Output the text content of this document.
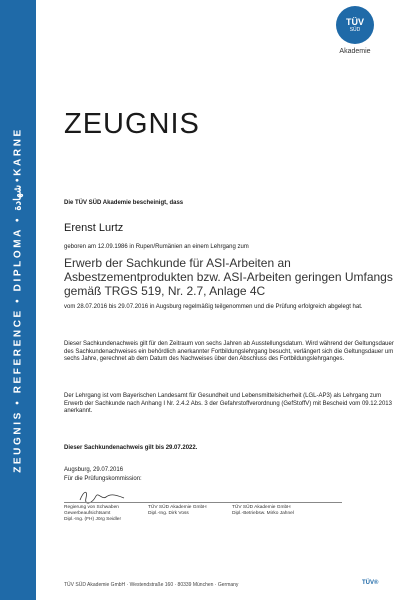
ZEUGNIS • REFERENCE • DIPLOMA • شهادة • KARNE
TÜV
SÜD
Akademie
ZEUGNIS
Die TÜV SÜD Akademie bescheinigt, dass
Erenst Lurtz
geboren am 12.09.1986 in Rupen/Rumänien an einem Lehrgang zum
Erwerb der Sachkunde für ASI-Arbeiten an Asbestzementprodukten bzw. ASI-Arbeiten geringen Umfangs gemäß TRGS 519, Nr. 2.7, Anlage 4C
vom 28.07.2016 bis 29.07.2016 in Augsburg regelmäßig teilgenommen und die Prüfung erfolgreich abgelegt hat.
Dieser Sachkundenachweis gilt für den Zeitraum von sechs Jahren ab Ausstellungsdatum. Wird während der Geltungsdauer des Sachkundenachweises ein behördlich anerkannter Fortbildungslehrgang besucht, verlängert sich die Geltungsdauer um sechs Jahre, gerechnet ab dem Datum des Nachweises über den Abschluss des Fortbildungslehrganges.
Der Lehrgang ist vom Bayerischen Landesamt für Gesundheit und Lebensmittelsicherheit (LGL-AP3) als Lehrgang zum Erwerb der Sachkunde nach Anhang I Nr. 2.4.2 Abs. 3 der Gefahrstoffverordnung (GefStoffV) mit Bescheid vom 09.12.2013 anerkannt.
Dieser Sachkundenachweis gilt bis 29.07.2022.
Augsburg, 29.07.2016
Für die Prüfungskommission:
Regierung von Schwaben
Gewerbeaufsichtsamt
Dipl.-Ing. (FH) Jörg Seidler
TÜV SÜD Akademie GmbH
Dipl.-Ing. Dirk Voss
TÜV SÜD Akademie GmbH
Dipl.-Betriebsw. Mirko Jahnel
TÜV SÜD Akademie GmbH · Westendstraße 160 · 80339 München · Germany	TÜV®
